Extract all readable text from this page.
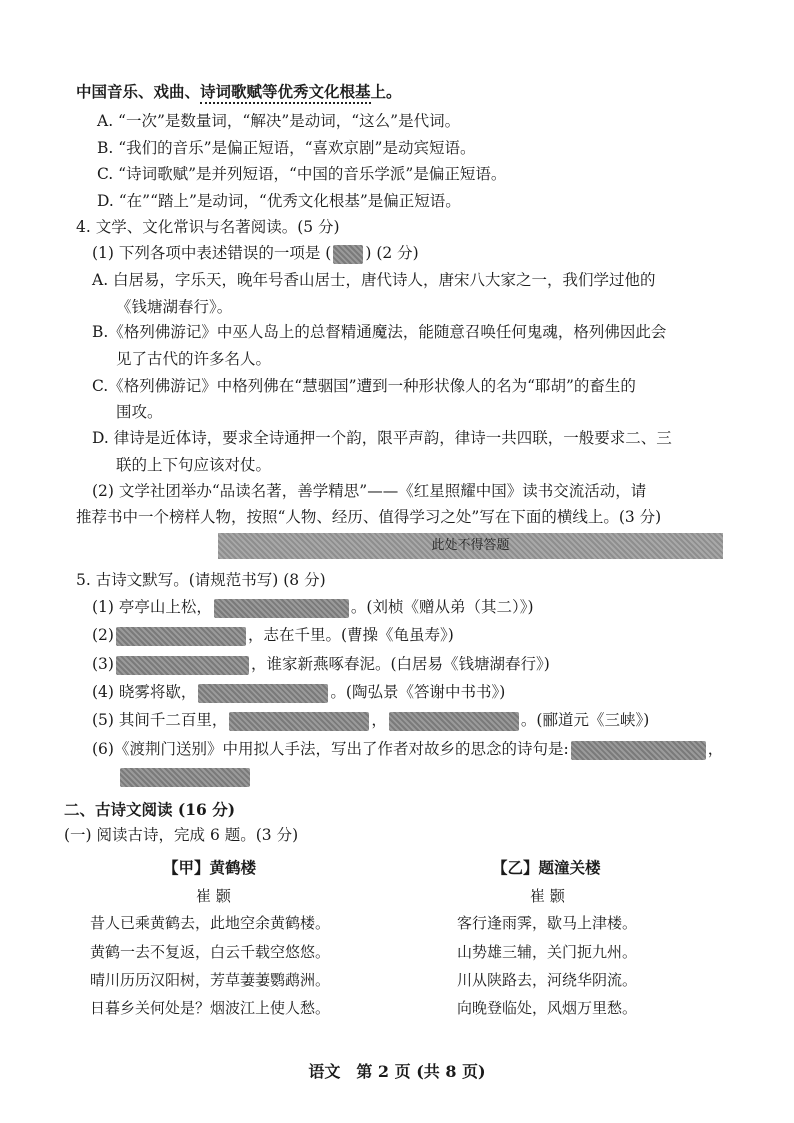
中国音乐、戏曲、诗词歌赋等优秀文化根基上。
A. “一次”是数量词，“解决”是动词，“这么”是代词。
B. “我们的音乐”是偏正短语，“喜欢京剧”是动宾短语。
C. “诗词歌赋”是并列短语，“中国的音乐学派”是偏正短语。
D. “在”“踏上”是动词，“优秀文化根基”是偏正短语。
4. 文学、文化常识与名著阅读。(5 分)
(1) 下列各项中表述错误的一项是 ( ) (2 分)
A. 白居易，字乐天，晚年号香山居士，唐代诗人，唐宋八大家之一，我们学过他的
《钱塘湖春行》。
B.《格列佛游记》中巫人岛上的总督精通魔法，能随意召唤任何鬼魂，格列佛因此会
见了古代的许多名人。
C.《格列佛游记》中格列佛在“慧骃国”遭到一种形状像人的名为“耶胡”的畜生的
围攻。
D. 律诗是近体诗，要求全诗通押一个韵，限平声韵，律诗一共四联，一般要求二、三
联的上下句应该对仗。
(2) 文学社团举办“品读名著，善学精思”——《红星照耀中国》读书交流活动，请
推荐书中一个榜样人物，按照“人物、经历、值得学习之处”写在下面的横线上。(3 分)
此处不得答题
5. 古诗文默写。(请规范书写) (8 分)
(1) 亭亭山上松，	。(刘桢《赠从弟（其二）》)
(2)	，志在千里。(曹操《龟虽寿》)
(3)	，谁家新燕啄春泥。(白居易《钱塘湖春行》)
(4) 晓雾将歇，	。(陶弘景《答谢中书书》)
(5) 其间千二百里，	，	。(郦道元《三峡》)
(6)《渡荆门送别》中用拟人手法，写出了作者对故乡的思念的诗句是:	，
二、古诗文阅读 (16 分)
(一) 阅读古诗，完成 6 题。(3 分)
【甲】黄鹤楼
崔 颢
昔人已乘黄鹤去，此地空余黄鹤楼。
黄鹤一去不复返，白云千载空悠悠。
晴川历历汉阳树，芳草萋萋鹦鹉洲。
日暮乡关何处是？烟波江上使人愁。
【乙】题潼关楼
崔 颢
客行逢雨霁，歇马上津楼。
山势雄三辅，关门扼九州。
川从陕路去，河绕华阴流。
向晚登临处，风烟万里愁。
语文　第 2 页 (共 8 页)
